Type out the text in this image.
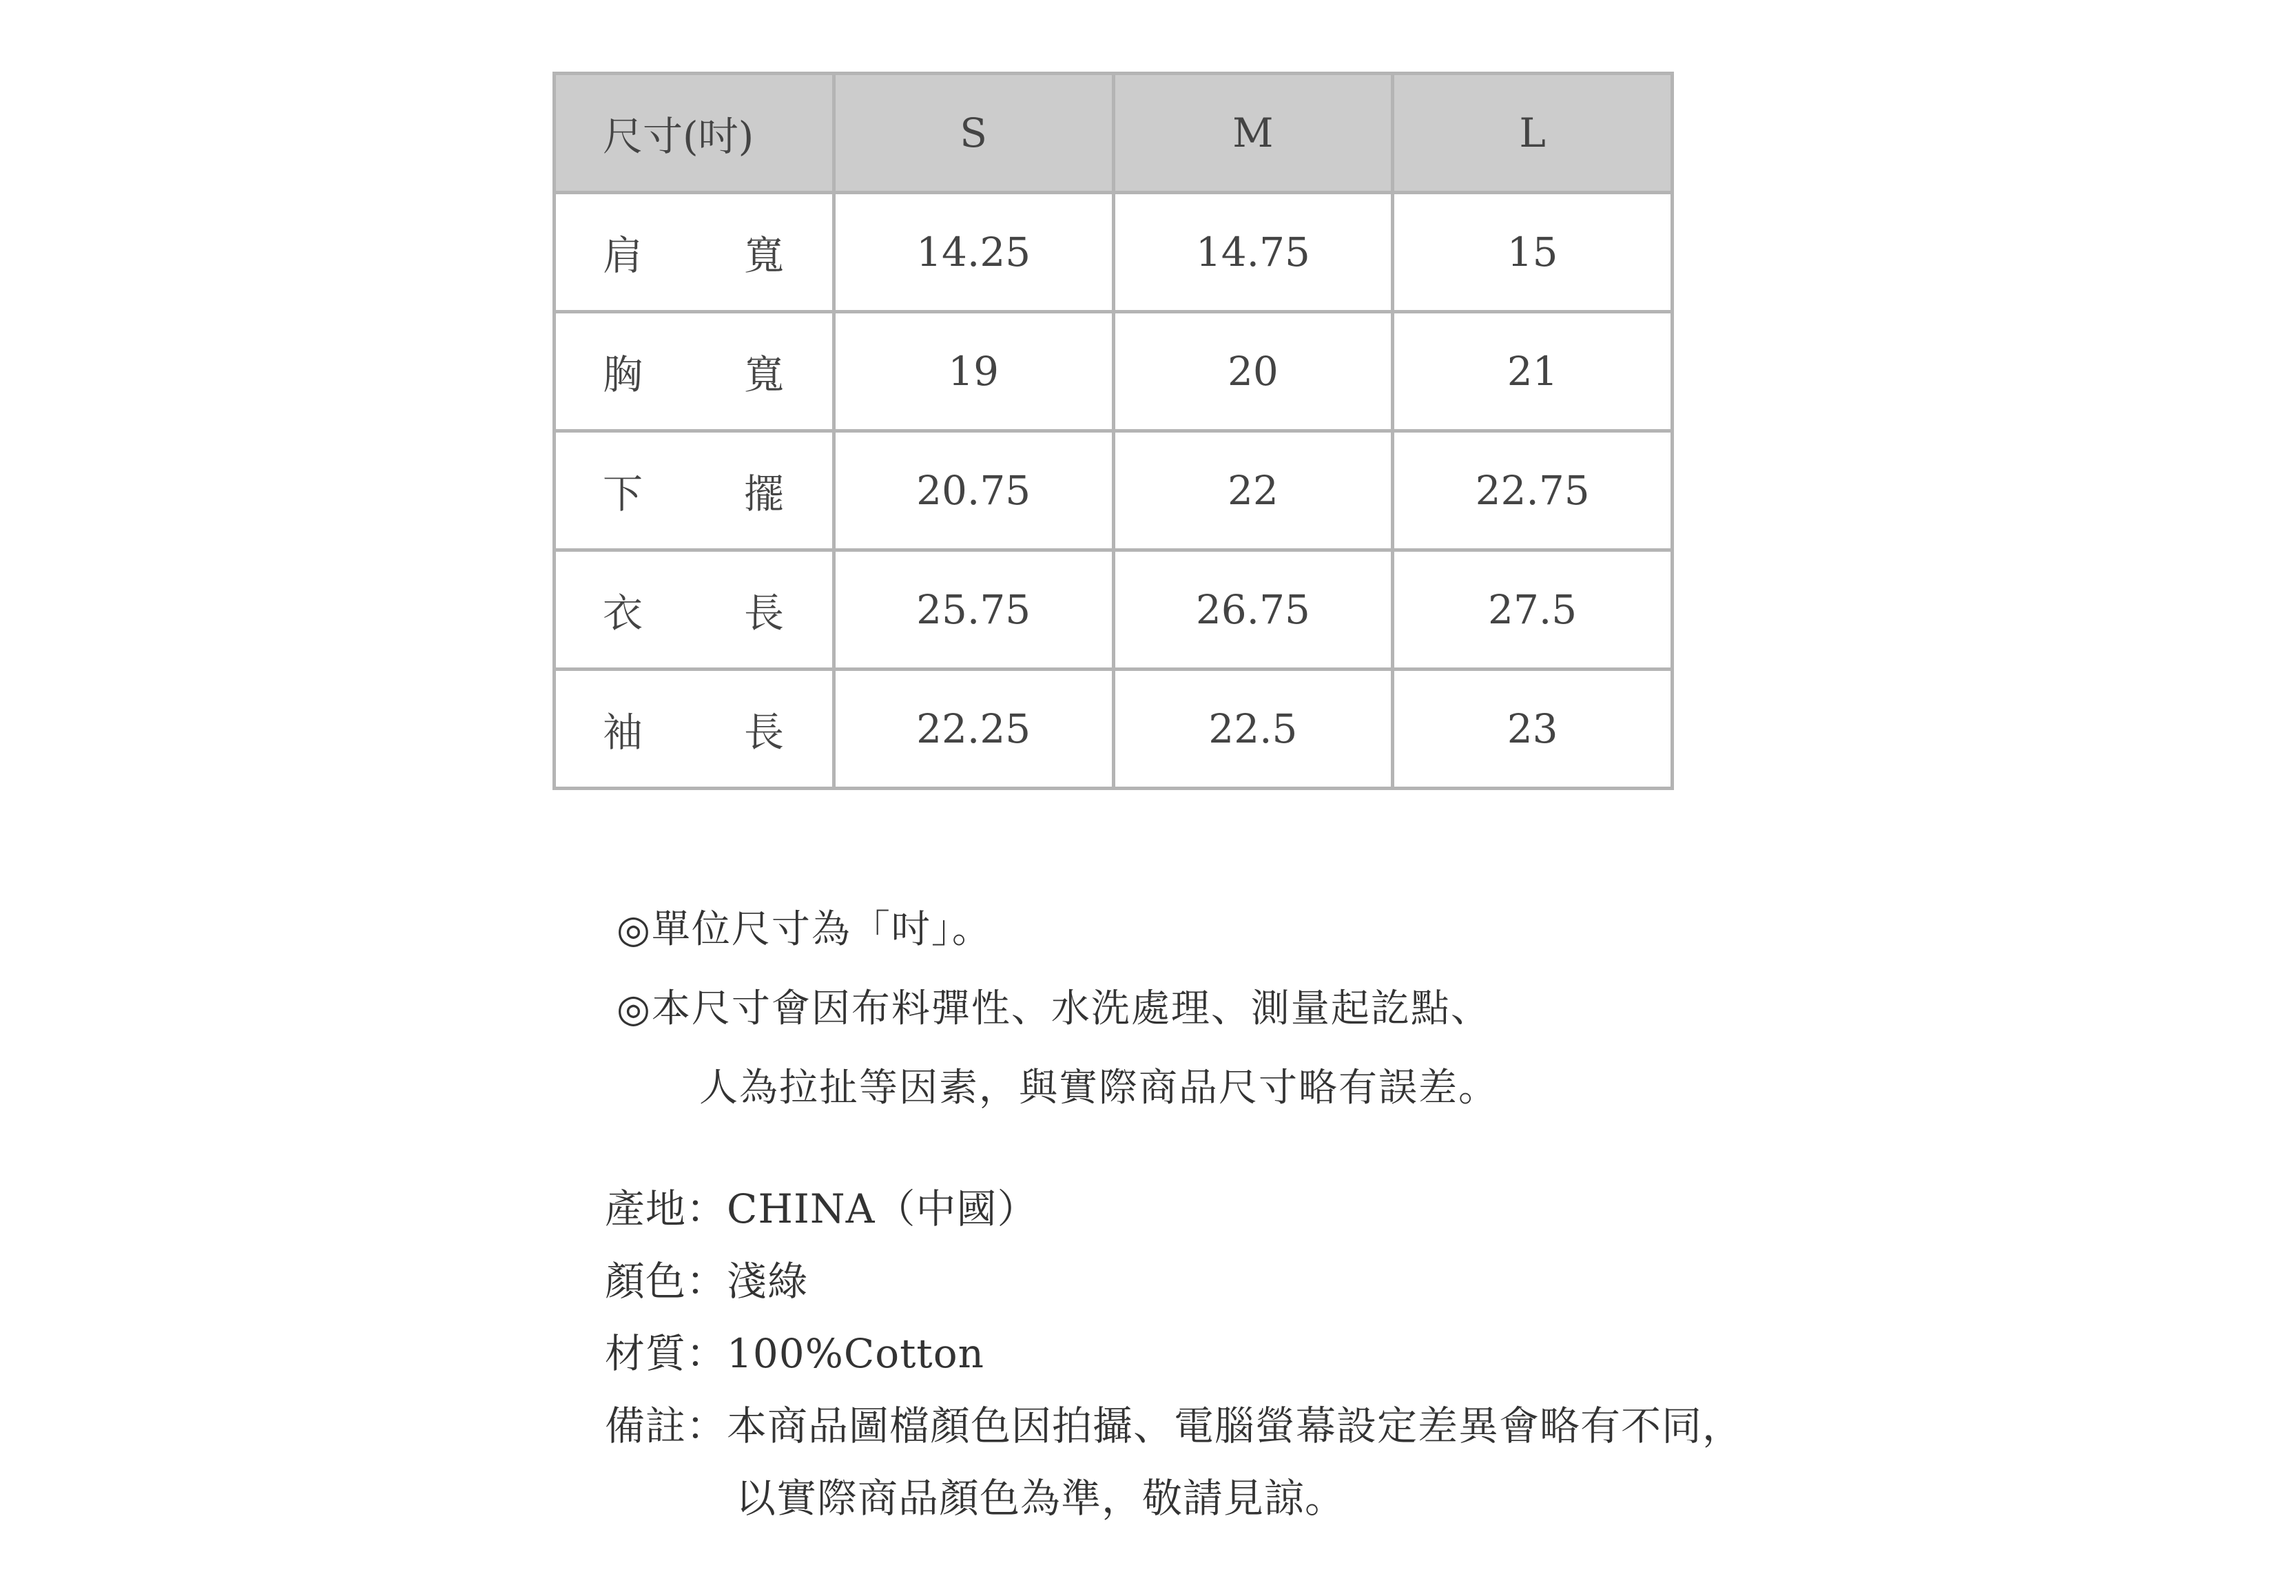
尺寸(吋)	S	M	L
肩 寬	14.25	14.75	15
胸 寬	19	20	21
下 擺	20.75	22	22.75
衣 長	25.75	26.75	27.5
袖 長	22.25	22.5	23
◎單位尺寸為「吋」。
◎本尺寸會因布料彈性、水洗處理、測量起訖點、
人為拉扯等因素，與實際商品尺寸略有誤差。
產地：CHINA（中國）
顏色：淺綠
材質：100%Cotton
備註：本商品圖檔顏色因拍攝、電腦螢幕設定差異會略有不同，
以實際商品顏色為準，敬請見諒。
